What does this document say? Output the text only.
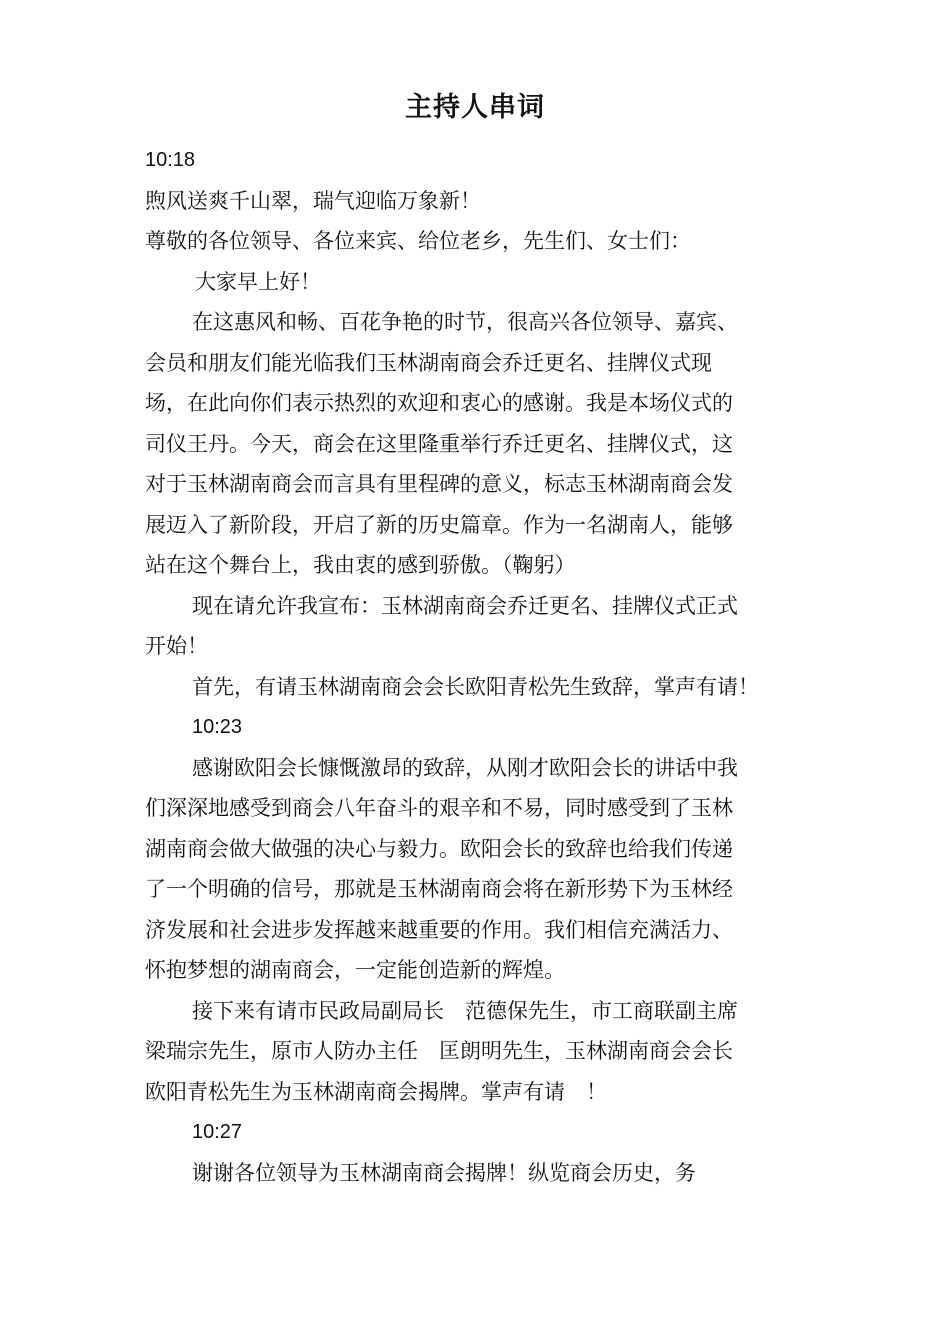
主持人串词

10:18

煦风送爽千山翠，瑞气迎临万象新！

尊敬的各位领导、各位来宾、给位老乡，先生们、女士们：

大家早上好！

在这惠风和畅、百花争艳的时节，很高兴各位领导、嘉宾、

会员和朋友们能光临我们玉林湖南商会乔迁更名、挂牌仪式现

场，在此向你们表示热烈的欢迎和衷心的感谢。我是本场仪式的

司仪王丹。今天，商会在这里隆重举行乔迁更名、挂牌仪式，这

对于玉林湖南商会而言具有里程碑的意义，标志玉林湖南商会发

展迈入了新阶段，开启了新的历史篇章。作为一名湖南人，能够

站在这个舞台上，我由衷的感到骄傲。（鞠躬）

现在请允许我宣布：玉林湖南商会乔迁更名、挂牌仪式正式

开始！

首先，有请玉林湖南商会会长欧阳青松先生致辞，掌声有请！

10:23

感谢欧阳会长慷慨激昂的致辞，从刚才欧阳会长的讲话中我

们深深地感受到商会八年奋斗的艰辛和不易，同时感受到了玉林

湖南商会做大做强的决心与毅力。欧阳会长的致辞也给我们传递

了一个明确的信号，那就是玉林湖南商会将在新形势下为玉林经

济发展和社会进步发挥越来越重要的作用。我们相信充满活力、

怀抱梦想的湖南商会，一定能创造新的辉煌。

接下来有请市民政局副局长　范德保先生，市工商联副主席

梁瑞宗先生，原市人防办主任　匡朗明先生，玉林湖南商会会长

欧阳青松先生为玉林湖南商会揭牌。掌声有请　！

10:27

谢谢各位领导为玉林湖南商会揭牌！纵览商会历史，务
